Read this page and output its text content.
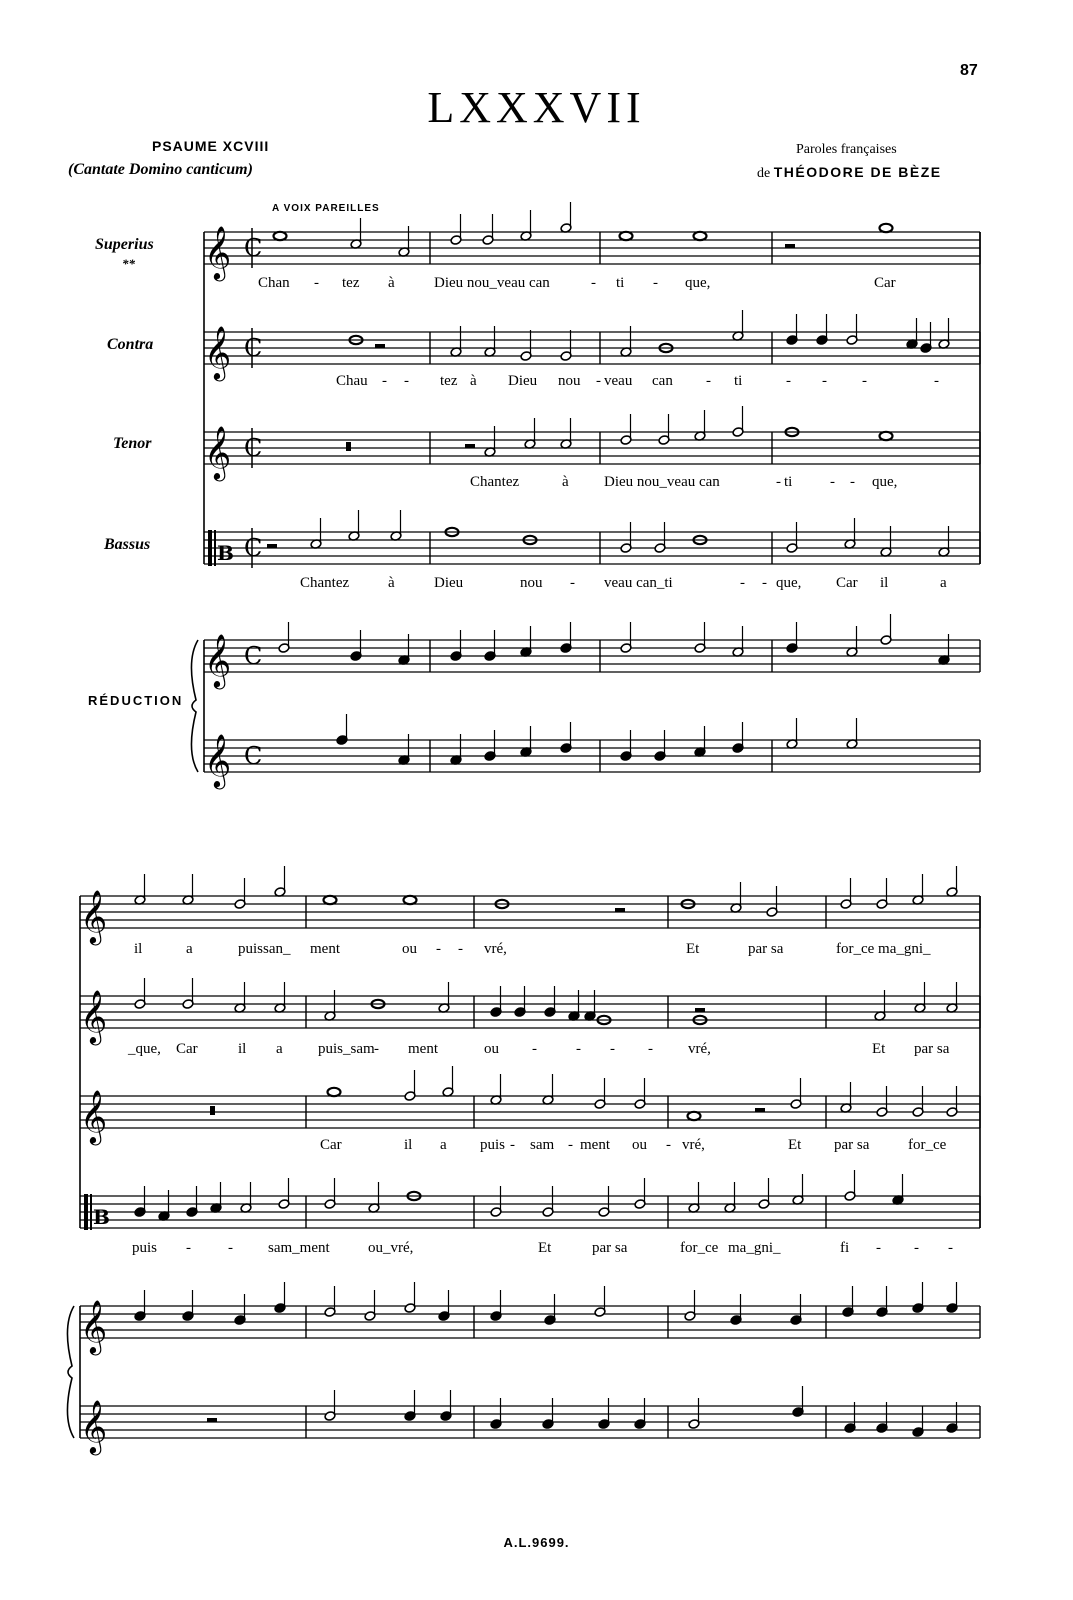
87
LXXXVII
PSAUME XCVIII
(Cantate Domino canticum)
Paroles françaises
de THÉODORE DE BÈZE
A VOIX PAREILLES
Superius
**
Contra
Tenor
Bassus
RÉDUCTION
𝄞 C
𝄞 C
𝄞 C
B C
𝄞 C
𝄞 C
𝄞
𝄞
𝄞
B
𝄞
𝄞
Chan - tez à	Dieu nou_veau can	- ti - que,	Car
Chau - - tez à Dieu nou - veau can - ti	- - -	-
Chantez	à Dieu nou_veau can	- ti	- - que,
Chantez	à	Dieu	nou - veau can_ti	- - que, Car il	a
il	a	puissan_ ment	ou - - vré,	Et	par sa	for_ce ma_gni_
_que, Car	il a puis_sam - ment	ou -	- - - vré,	Et par sa
Car	il a puis - sam - ment ou - vré,	Et par sa	for_ce
puis - - sam_ment	ou_vré,	Et	par sa	for_ce ma_gni_	fi - - -
A.L.9699.
